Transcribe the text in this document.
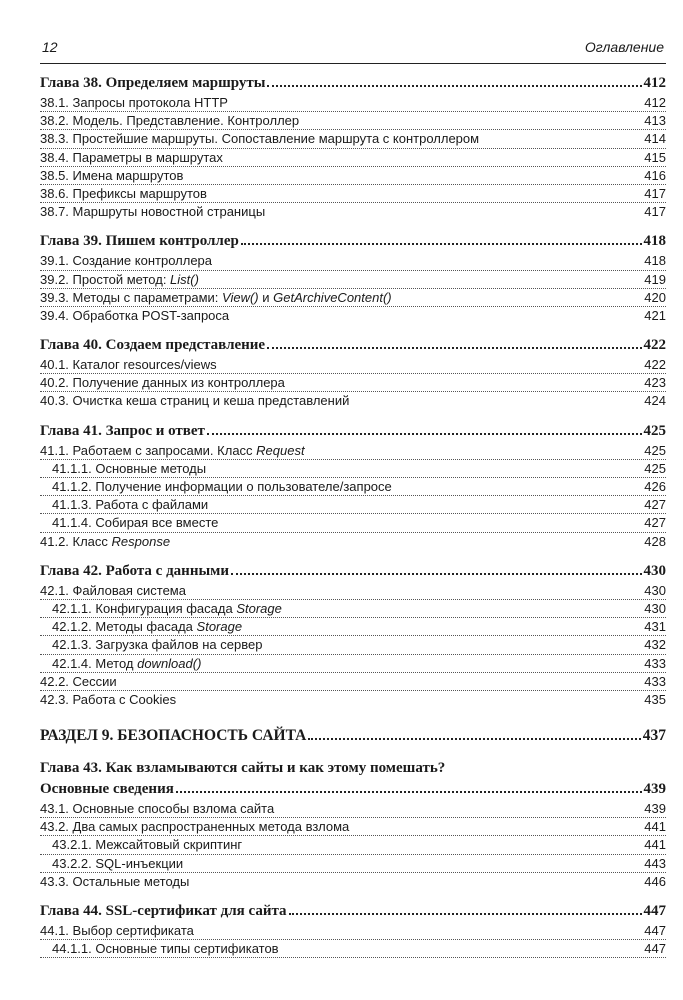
12	Оглавление
Глава 38. Определяем маршруты	412
38.1. Запросы протокола HTTP	412
38.2. Модель. Представление. Контроллер	413
38.3. Простейшие маршруты. Сопоставление маршрута с контроллером	414
38.4. Параметры в маршрутах	415
38.5. Имена маршрутов	416
38.6. Префиксы маршрутов	417
38.7. Маршруты новостной страницы	417
Глава 39. Пишем контроллер	418
39.1. Создание контроллера	418
39.2. Простой метод: List()	419
39.3. Методы с параметрами: View() и GetArchiveContent()	420
39.4. Обработка POST-запроса	421
Глава 40. Создаем представление	422
40.1. Каталог resources/views	422
40.2. Получение данных из контроллера	423
40.3. Очистка кеша страниц и кеша представлений	424
Глава 41. Запрос и ответ	425
41.1. Работаем с запросами. Класс Request	425
41.1.1. Основные методы	425
41.1.2. Получение информации о пользователе/запросе	426
41.1.3. Работа с файлами	427
41.1.4. Собирая все вместе	427
41.2. Класс Response	428
Глава 42. Работа с данными	430
42.1. Файловая система	430
42.1.1. Конфигурация фасада Storage	430
42.1.2. Методы фасада Storage	431
42.1.3. Загрузка файлов на сервер	432
42.1.4. Метод download()	433
42.2. Сессии	433
42.3. Работа с Cookies	435
РАЗДЕЛ 9. БЕЗОПАСНОСТЬ САЙТА	437
Глава 43. Как взламываются сайты и как этому помешать?
Основные сведения	439
43.1. Основные способы взлома сайта	439
43.2. Два самых распространенных метода взлома	441
43.2.1. Межсайтовый скриптинг	441
43.2.2. SQL-инъекции	443
43.3. Остальные методы	446
Глава 44. SSL-сертификат для сайта	447
44.1. Выбор сертификата	447
44.1.1. Основные типы сертификатов	447
